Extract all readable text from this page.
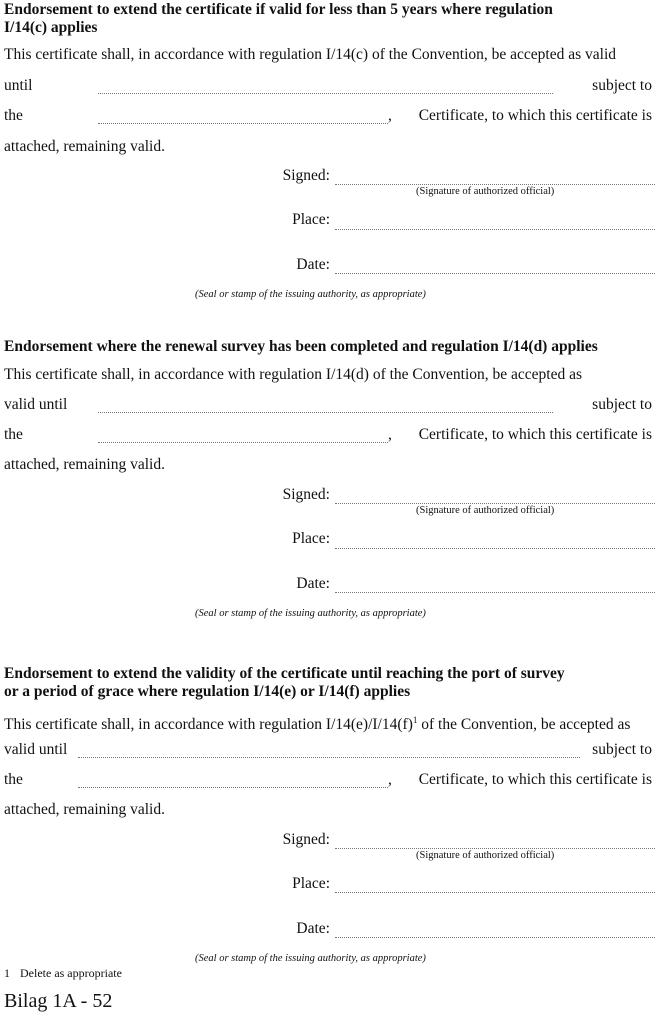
Endorsement to extend the certificate if valid for less than 5 years where regulation
I/14(c) applies
This certificate shall, in accordance with regulation I/14(c) of the Convention, be accepted as valid
until	subject to
the	, Certificate, to which this certificate is
attached, remaining valid.
Signed:
(Signature of authorized official)
Place:
Date:
(Seal or stamp of the issuing authority, as appropriate)
Endorsement where the renewal survey has been completed and regulation I/14(d) applies
This certificate shall, in accordance with regulation I/14(d) of the Convention, be accepted as
valid until	subject to
the	, Certificate, to which this certificate is
attached, remaining valid.
Signed:
(Signature of authorized official)
Place:
Date:
(Seal or stamp of the issuing authority, as appropriate)
Endorsement to extend the validity of the certificate until reaching the port of survey
or a period of grace where regulation I/14(e) or I/14(f) applies
This certificate shall, in accordance with regulation $I/14(e)/I/14(f)^1$ of the Convention, be accepted as
valid until	subject to
the	, Certificate, to which this certificate is
attached, remaining valid.
Signed:
(Signature of authorized official)
Place:
Date:
(Seal or stamp of the issuing authority, as appropriate)
1 Delete as appropriate
Bilag 1A - 52
